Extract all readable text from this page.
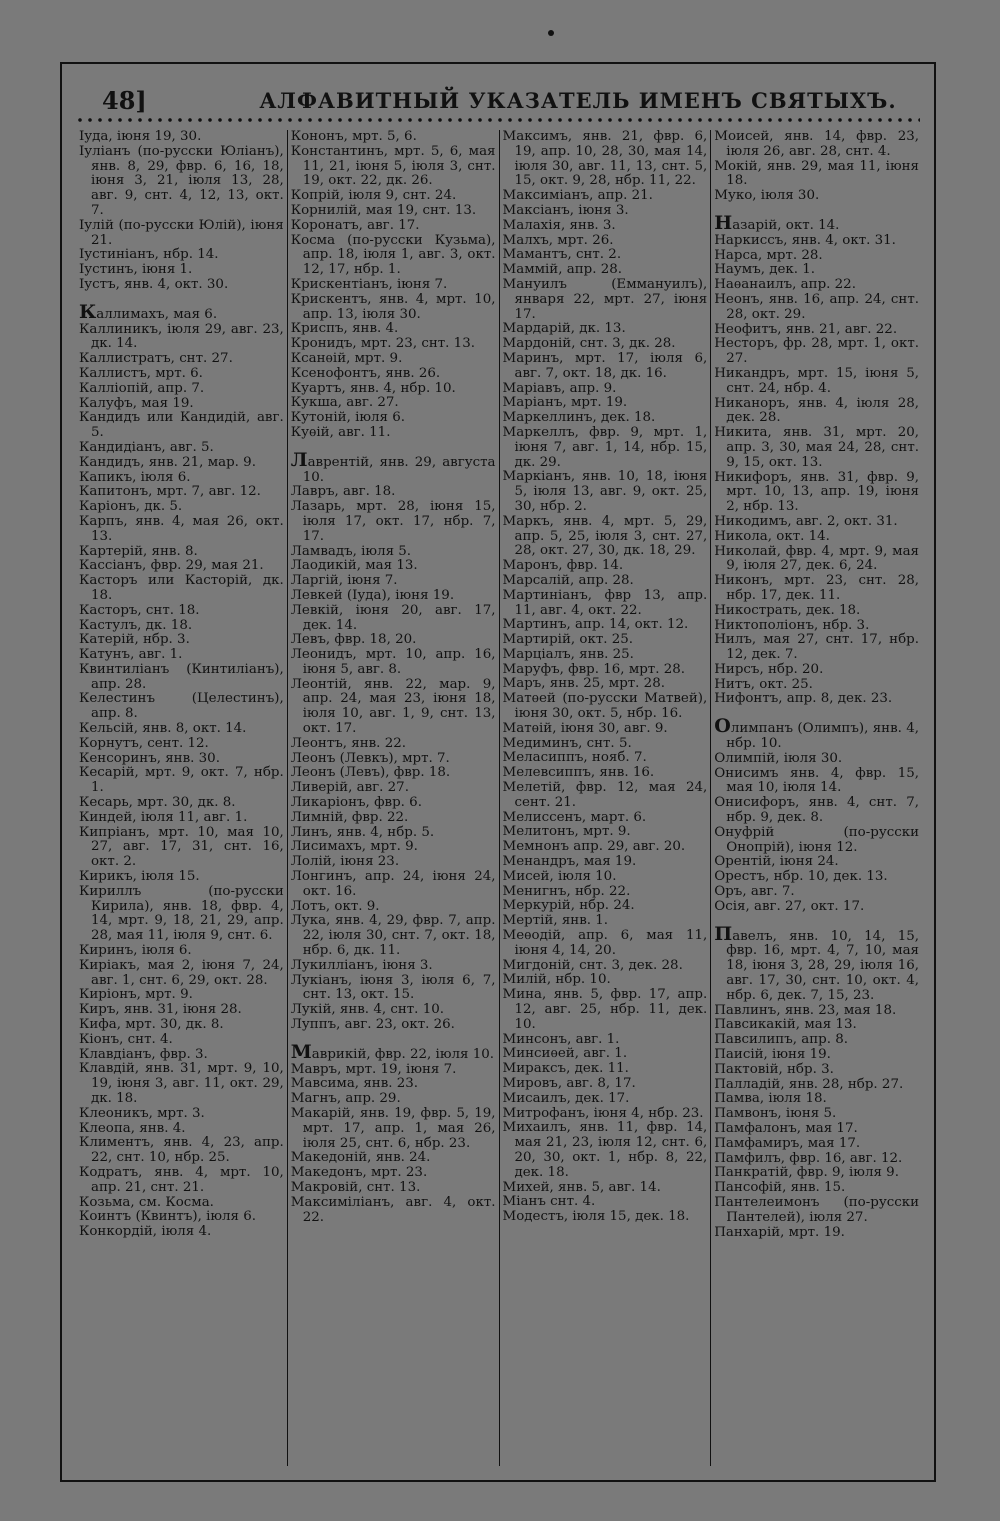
48]	АЛФАВИТНЫЙ УКАЗАТЕЛЬ ИМЕНЪ СВЯТЫХЪ.

Іуда, іюня 19, 30.

Іуліанъ (по-русски Юліанъ), янв. 8, 29, фвр. 6, 16, 18, іюня 3, 21, іюля 13, 28, авг. 9, снт. 4, 12, 13, окт. 7.

Іулій (по-русски Юлій), іюня 21.

Іустиніанъ, нбр. 14.

Іустинъ, іюня 1.

Іустъ, янв. 4, окт. 30.

Каллимахъ, мая 6.

Каллиникъ, іюля 29, авг. 23, дк. 14.

Каллистратъ, снт. 27.

Каллистъ, мрт. 6.

Калліопій, апр. 7.

Калуфъ, мая 19.

Кандидъ или Кандидій, авг. 5.

Кандидіанъ, авг. 5.

Кандидъ, янв. 21, мар. 9.

Капикъ, іюля 6.

Капитонъ, мрт. 7, авг. 12.

Каріонъ, дк. 5.

Карпъ, янв. 4, мая 26, окт. 13.

Картерій, янв. 8.

Кассіанъ, фвр. 29, мая 21.

Касторъ или Касторій, дк. 18.

Касторъ, снт. 18.

Кастулъ, дк. 18.

Катерій, нбр. 3.

Катунъ, авг. 1.

Квинтиліанъ (Кинтиліанъ), апр. 28.

Келестинъ (Целестинъ), апр. 8.

Кельсій, янв. 8, окт. 14.

Корнутъ, сент. 12.

Кенсоринъ, янв. 30.

Кесарій, мрт. 9, окт. 7, нбр. 1.

Кесарь, мрт. 30, дк. 8.

Киндей, іюля 11, авг. 1.

Кипріанъ, мрт. 10, мая 10, 27, авг. 17, 31, снт. 16, окт. 2.

Кирикъ, іюля 15.

Кириллъ (по-русски Кирила), янв. 18, фвр. 4, 14, мрт. 9, 18, 21, 29, апр. 28, мая 11, іюля 9, снт. 6.

Киринъ, іюля 6.

Киріакъ, мая 2, іюня 7, 24, авг. 1, снт. 6, 29, окт. 28.

Киріонъ, мрт. 9.

Киръ, янв. 31, іюня 28.

Кифа, мрт. 30, дк. 8.

Кіонъ, снт. 4.

Клавдіанъ, фвр. 3.

Клавдій, янв. 31, мрт. 9, 10, 19, іюня 3, авг. 11, окт. 29, дк. 18.

Клеоникъ, мрт. 3.

Клеопа, янв. 4.

Климентъ, янв. 4, 23, апр. 22, снт. 10, нбр. 25.

Кодратъ, янв. 4, мрт. 10, апр. 21, снт. 21.

Козьма, см. Косма.

Коинтъ (Квинтъ), іюля 6.

Конкордій, іюля 4.

Кононъ, мрт. 5, 6.

Константинъ, мрт. 5, 6, мая 11, 21, іюня 5, іюля 3, снт. 19, окт. 22, дк. 26.

Копрій, іюля 9, снт. 24.

Корнилій, мая 19, снт. 13.

Коронатъ, авг. 17.

Косма (по-русски Кузьма), апр. 18, іюля 1, авг. 3, окт. 12, 17, нбр. 1.

Крискентіанъ, іюня 7.

Крискентъ, янв. 4, мрт. 10, апр. 13, іюля 30.

Криспъ, янв. 4.

Кронидъ, мрт. 23, снт. 13.

Ксанѳій, мрт. 9.

Ксенофонтъ, янв. 26.

Куартъ, янв. 4, нбр. 10.

Кукша, авг. 27.

Кутоній, іюля 6.

Куѳій, авг. 11.

Лаврентій, янв. 29, августа 10.

Лавръ, авг. 18.

Лазарь, мрт. 28, іюня 15, іюля 17, окт. 17, нбр. 7, 17.

Ламвадъ, іюля 5.

Лаодикій, мая 13.

Ларгій, іюня 7.

Левкей (Іуда), іюня 19.

Левкій, іюня 20, авг. 17, дек. 14.

Левъ, фвр. 18, 20.

Леонидъ, мрт. 10, апр. 16, іюня 5, авг. 8.

Леонтій, янв. 22, мар. 9, апр. 24, мая 23, іюня 18, іюля 10, авг. 1, 9, снт. 13, окт. 17.

Леонтъ, янв. 22.

Леонъ (Левкъ), мрт. 7.

Леонъ (Левъ), фвр. 18.

Ливерій, авг. 27.

Ликаріонъ, фвр. 6.

Лимній, фвр. 22.

Линъ, янв. 4, нбр. 5.

Лисимахъ, мрт. 9.

Лолій, іюня 23.

Лонгинъ, апр. 24, іюня 24, окт. 16.

Лотъ, окт. 9.

Лука, янв. 4, 29, фвр. 7, апр. 22, іюля 30, снт. 7, окт. 18, нбр. 6, дк. 11.

Лукилліанъ, іюня 3.

Лукіанъ, іюня 3, іюля 6, 7, снт. 13, окт. 15.

Лукій, янв. 4, снт. 10.

Луппъ, авг. 23, окт. 26.

Маврикій, фвр. 22, іюля 10.

Мавръ, мрт. 19, іюня 7.

Мавсима, янв. 23.

Магнъ, апр. 29.

Макарій, янв. 19, фвр. 5, 19, мрт. 17, апр. 1, мая 26, іюля 25, снт. 6, нбр. 23.

Македоній, янв. 24.

Македонъ, мрт. 23.

Макровій, снт. 13.

Максиміліанъ, авг. 4, окт. 22.

Максимъ, янв. 21, фвр. 6, 19, апр. 10, 28, 30, мая 14, іюля 30, авг. 11, 13, снт. 5, 15, окт. 9, 28, нбр. 11, 22.

Максиміанъ, апр. 21.

Максіанъ, іюня 3.

Малахія, янв. 3.

Малхъ, мрт. 26.

Мамантъ, снт. 2.

Маммій, апр. 28.

Мануилъ (Еммануилъ), января 22, мрт. 27, іюня 17.

Мардарій, дк. 13.

Мардоній, снт. 3, дк. 28.

Маринъ, мрт. 17, іюля 6, авг. 7, окт. 18, дк. 16.

Маріавъ, апр. 9.

Маріанъ, мрт. 19.

Маркеллинъ, дек. 18.

Маркеллъ, фвр. 9, мрт. 1, іюня 7, авг. 1, 14, нбр. 15, дк. 29.

Маркіанъ, янв. 10, 18, іюня 5, іюля 13, авг. 9, окт. 25, 30, нбр. 2.

Маркъ, янв. 4, мрт. 5, 29, апр. 5, 25, іюля 3, снт. 27, 28, окт. 27, 30, дк. 18, 29.

Маронъ, фвр. 14.

Марсалій, апр. 28.

Мартиніанъ, фвр 13, апр. 11, авг. 4, окт. 22.

Мартинъ, апр. 14, окт. 12.

Мартирій, окт. 25.

Марціалъ, янв. 25.

Маруфъ, фвр. 16, мрт. 28.

Маръ, янв. 25, мрт. 28.

Матѳей (по-русски Матвей), іюня 30, окт. 5, нбр. 16.

Матѳій, іюня 30, авг. 9.

Медиминъ, снт. 5.

Меласиппъ, нояб. 7.

Мелевсиппъ, янв. 16.

Мелетій, фвр. 12, мая 24, сент. 21.

Мелиссенъ, март. 6.

Мелитонъ, мрт. 9.

Мемнонъ апр. 29, авг. 20.

Менандръ, мая 19.

Мисей, іюля 10.

Менигнъ, нбр. 22.

Меркурій, нбр. 24.

Мертій, янв. 1.

Меѳодій, апр. 6, мая 11, іюня 4, 14, 20.

Мигдоній, снт. 3, дек. 28.

Милій, нбр. 10.

Мина, янв. 5, фвр. 17, апр. 12, авг. 25, нбр. 11, дек. 10.

Минсонъ, авг. 1.

Минсиѳей, авг. 1.

Мираксъ, дек. 11.

Мировъ, авг. 8, 17.

Мисаилъ, дек. 17.

Митрофанъ, іюня 4, нбр. 23.

Михаилъ, янв. 11, фвр. 14, мая 21, 23, іюля 12, снт. 6, 20, 30, окт. 1, нбр. 8, 22, дек. 18.

Михей, янв. 5, авг. 14.

Міанъ снт. 4.

Модестъ, іюля 15, дек. 18.

Моисей, янв. 14, фвр. 23, іюля 26, авг. 28, снт. 4.

Мокій, янв. 29, мая 11, іюня 18.

Муко, іюля 30.

Назарій, окт. 14.

Наркиссъ, янв. 4, окт. 31.

Нарса, мрт. 28.

Наумъ, дек. 1.

Наѳанаилъ, апр. 22.

Неонъ, янв. 16, апр. 24, снт. 28, окт. 29.

Неофитъ, янв. 21, авг. 22.

Несторъ, фр. 28, мрт. 1, окт. 27.

Никандръ, мрт. 15, іюня 5, снт. 24, нбр. 4.

Никаноръ, янв. 4, іюля 28, дек. 28.

Никита, янв. 31, мрт. 20, апр. 3, 30, мая 24, 28, снт. 9, 15, окт. 13.

Никифоръ, янв. 31, фвр. 9, мрт. 10, 13, апр. 19, іюня 2, нбр. 13.

Никодимъ, авг. 2, окт. 31.

Никола, окт. 14.

Николай, фвр. 4, мрт. 9, мая 9, іюля 27, дек. 6, 24.

Никонъ, мрт. 23, снт. 28, нбр. 17, дек. 11.

Никострать, дек. 18.

Никтополіонъ, нбр. 3.

Нилъ, мая 27, снт. 17, нбр. 12, дек. 7.

Нирсъ, нбр. 20.

Нитъ, окт. 25.

Нифонтъ, апр. 8, дек. 23.

Олимпанъ (Олимпъ), янв. 4, нбр. 10.

Олимпій, іюля 30.

Онисимъ янв. 4, фвр. 15, мая 10, іюля 14.

Онисифоръ, янв. 4, снт. 7, нбр. 9, дек. 8.

Онуфрій (по-русски Онопрій), іюня 12.

Орентій, іюня 24.

Орестъ, нбр. 10, дек. 13.

Оръ, авг. 7.

Осія, авг. 27, окт. 17.

Павелъ, янв. 10, 14, 15, фвр. 16, мрт. 4, 7, 10, мая 18, іюня 3, 28, 29, іюля 16, авг. 17, 30, снт. 10, окт. 4, нбр. 6, дек. 7, 15, 23.

Павлинъ, янв. 23, мая 18.

Павсикакій, мая 13.

Павсилипъ, апр. 8.

Паисій, іюня 19.

Пактовій, нбр. 3.

Палладій, янв. 28, нбр. 27.

Памва, іюля 18.

Памвонъ, іюня 5.

Памфалонъ, мая 17.

Памфамиръ, мая 17.

Памфилъ, фвр. 16, авг. 12.

Панкратій, фвр. 9, іюля 9.

Пансофій, янв. 15.

Пантелеимонъ (по-русски Пантелей), іюля 27.

Панхарій, мрт. 19.
